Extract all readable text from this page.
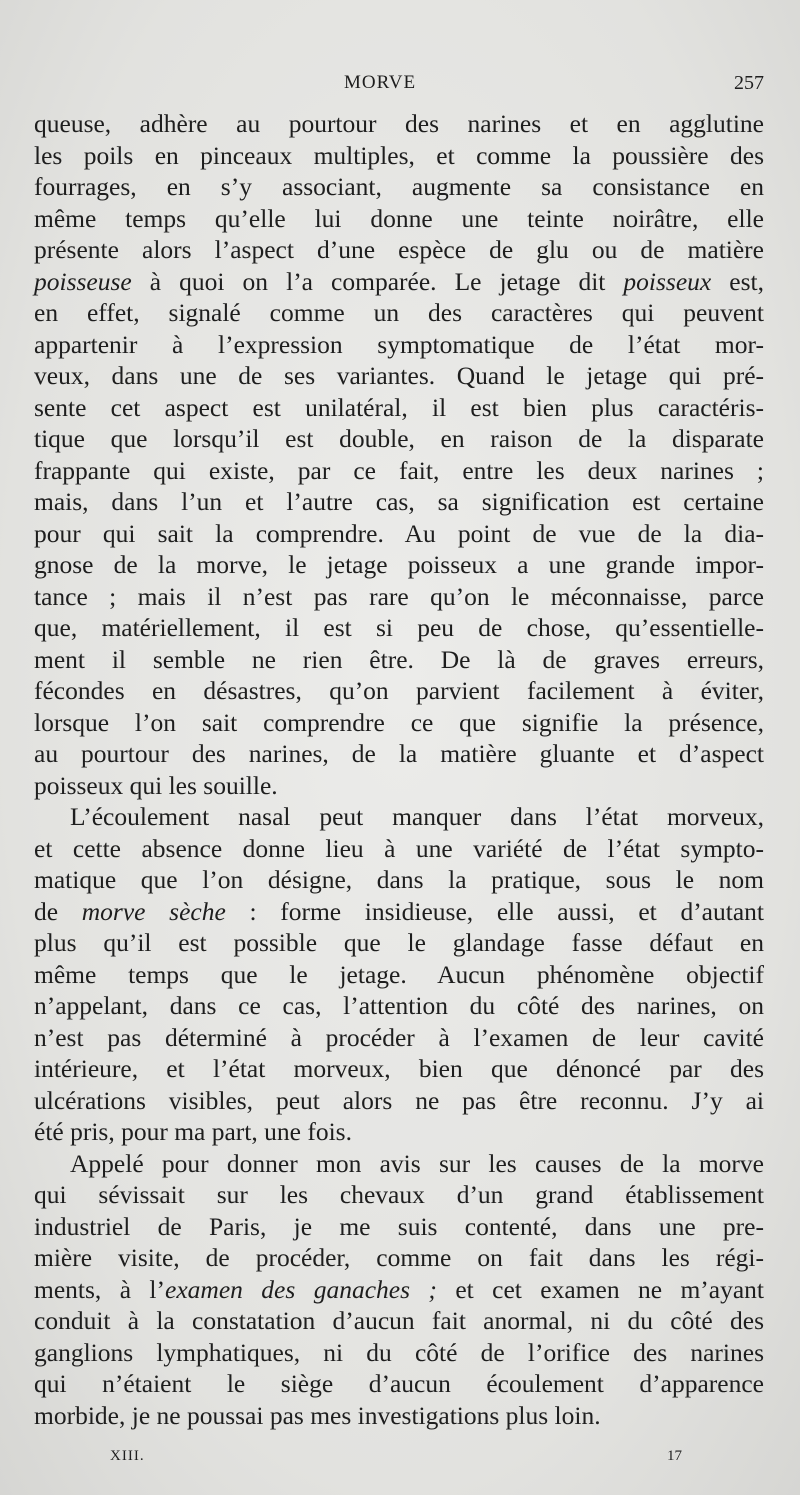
MORVE	257
queuse, adhère au pourtour des narines et en agglutine
les poils en pinceaux multiples, et comme la poussière des
fourrages, en s’y associant, augmente sa consistance en
même temps qu’elle lui donne une teinte noirâtre, elle
présente alors l’aspect d’une espèce de glu ou de matière
poisseuse à quoi on l’a comparée. Le jetage dit poisseux est,
en effet, signalé comme un des caractères qui peuvent
appartenir à l’expression symptomatique de l’état mor-
veux, dans une de ses variantes. Quand le jetage qui pré-
sente cet aspect est unilatéral, il est bien plus caractéris-
tique que lorsqu’il est double, en raison de la disparate
frappante qui existe, par ce fait, entre les deux narines ;
mais, dans l’un et l’autre cas, sa signification est certaine
pour qui sait la comprendre. Au point de vue de la dia-
gnose de la morve, le jetage poisseux a une grande impor-
tance ; mais il n’est pas rare qu’on le méconnaisse, parce
que, matériellement, il est si peu de chose, qu’essentielle-
ment il semble ne rien être. De là de graves erreurs,
fécondes en désastres, qu’on parvient facilement à éviter,
lorsque l’on sait comprendre ce que signifie la présence,
au pourtour des narines, de la matière gluante et d’aspect
poisseux qui les souille.
L’écoulement nasal peut manquer dans l’état morveux,
et cette absence donne lieu à une variété de l’état sympto-
matique que l’on désigne, dans la pratique, sous le nom
de morve sèche : forme insidieuse, elle aussi, et d’autant
plus qu’il est possible que le glandage fasse défaut en
même temps que le jetage. Aucun phénomène objectif
n’appelant, dans ce cas, l’attention du côté des narines, on
n’est pas déterminé à procéder à l’examen de leur cavité
intérieure, et l’état morveux, bien que dénoncé par des
ulcérations visibles, peut alors ne pas être reconnu. J’y ai
été pris, pour ma part, une fois.
Appelé pour donner mon avis sur les causes de la morve
qui sévissait sur les chevaux d’un grand établissement
industriel de Paris, je me suis contenté, dans une pre-
mière visite, de procéder, comme on fait dans les régi-
ments, à l’examen des ganaches ; et cet examen ne m’ayant
conduit à la constatation d’aucun fait anormal, ni du côté des
ganglions lymphatiques, ni du côté de l’orifice des narines
qui n’étaient le siège d’aucun écoulement d’apparence
morbide, je ne poussai pas mes investigations plus loin.
XIII.	17
